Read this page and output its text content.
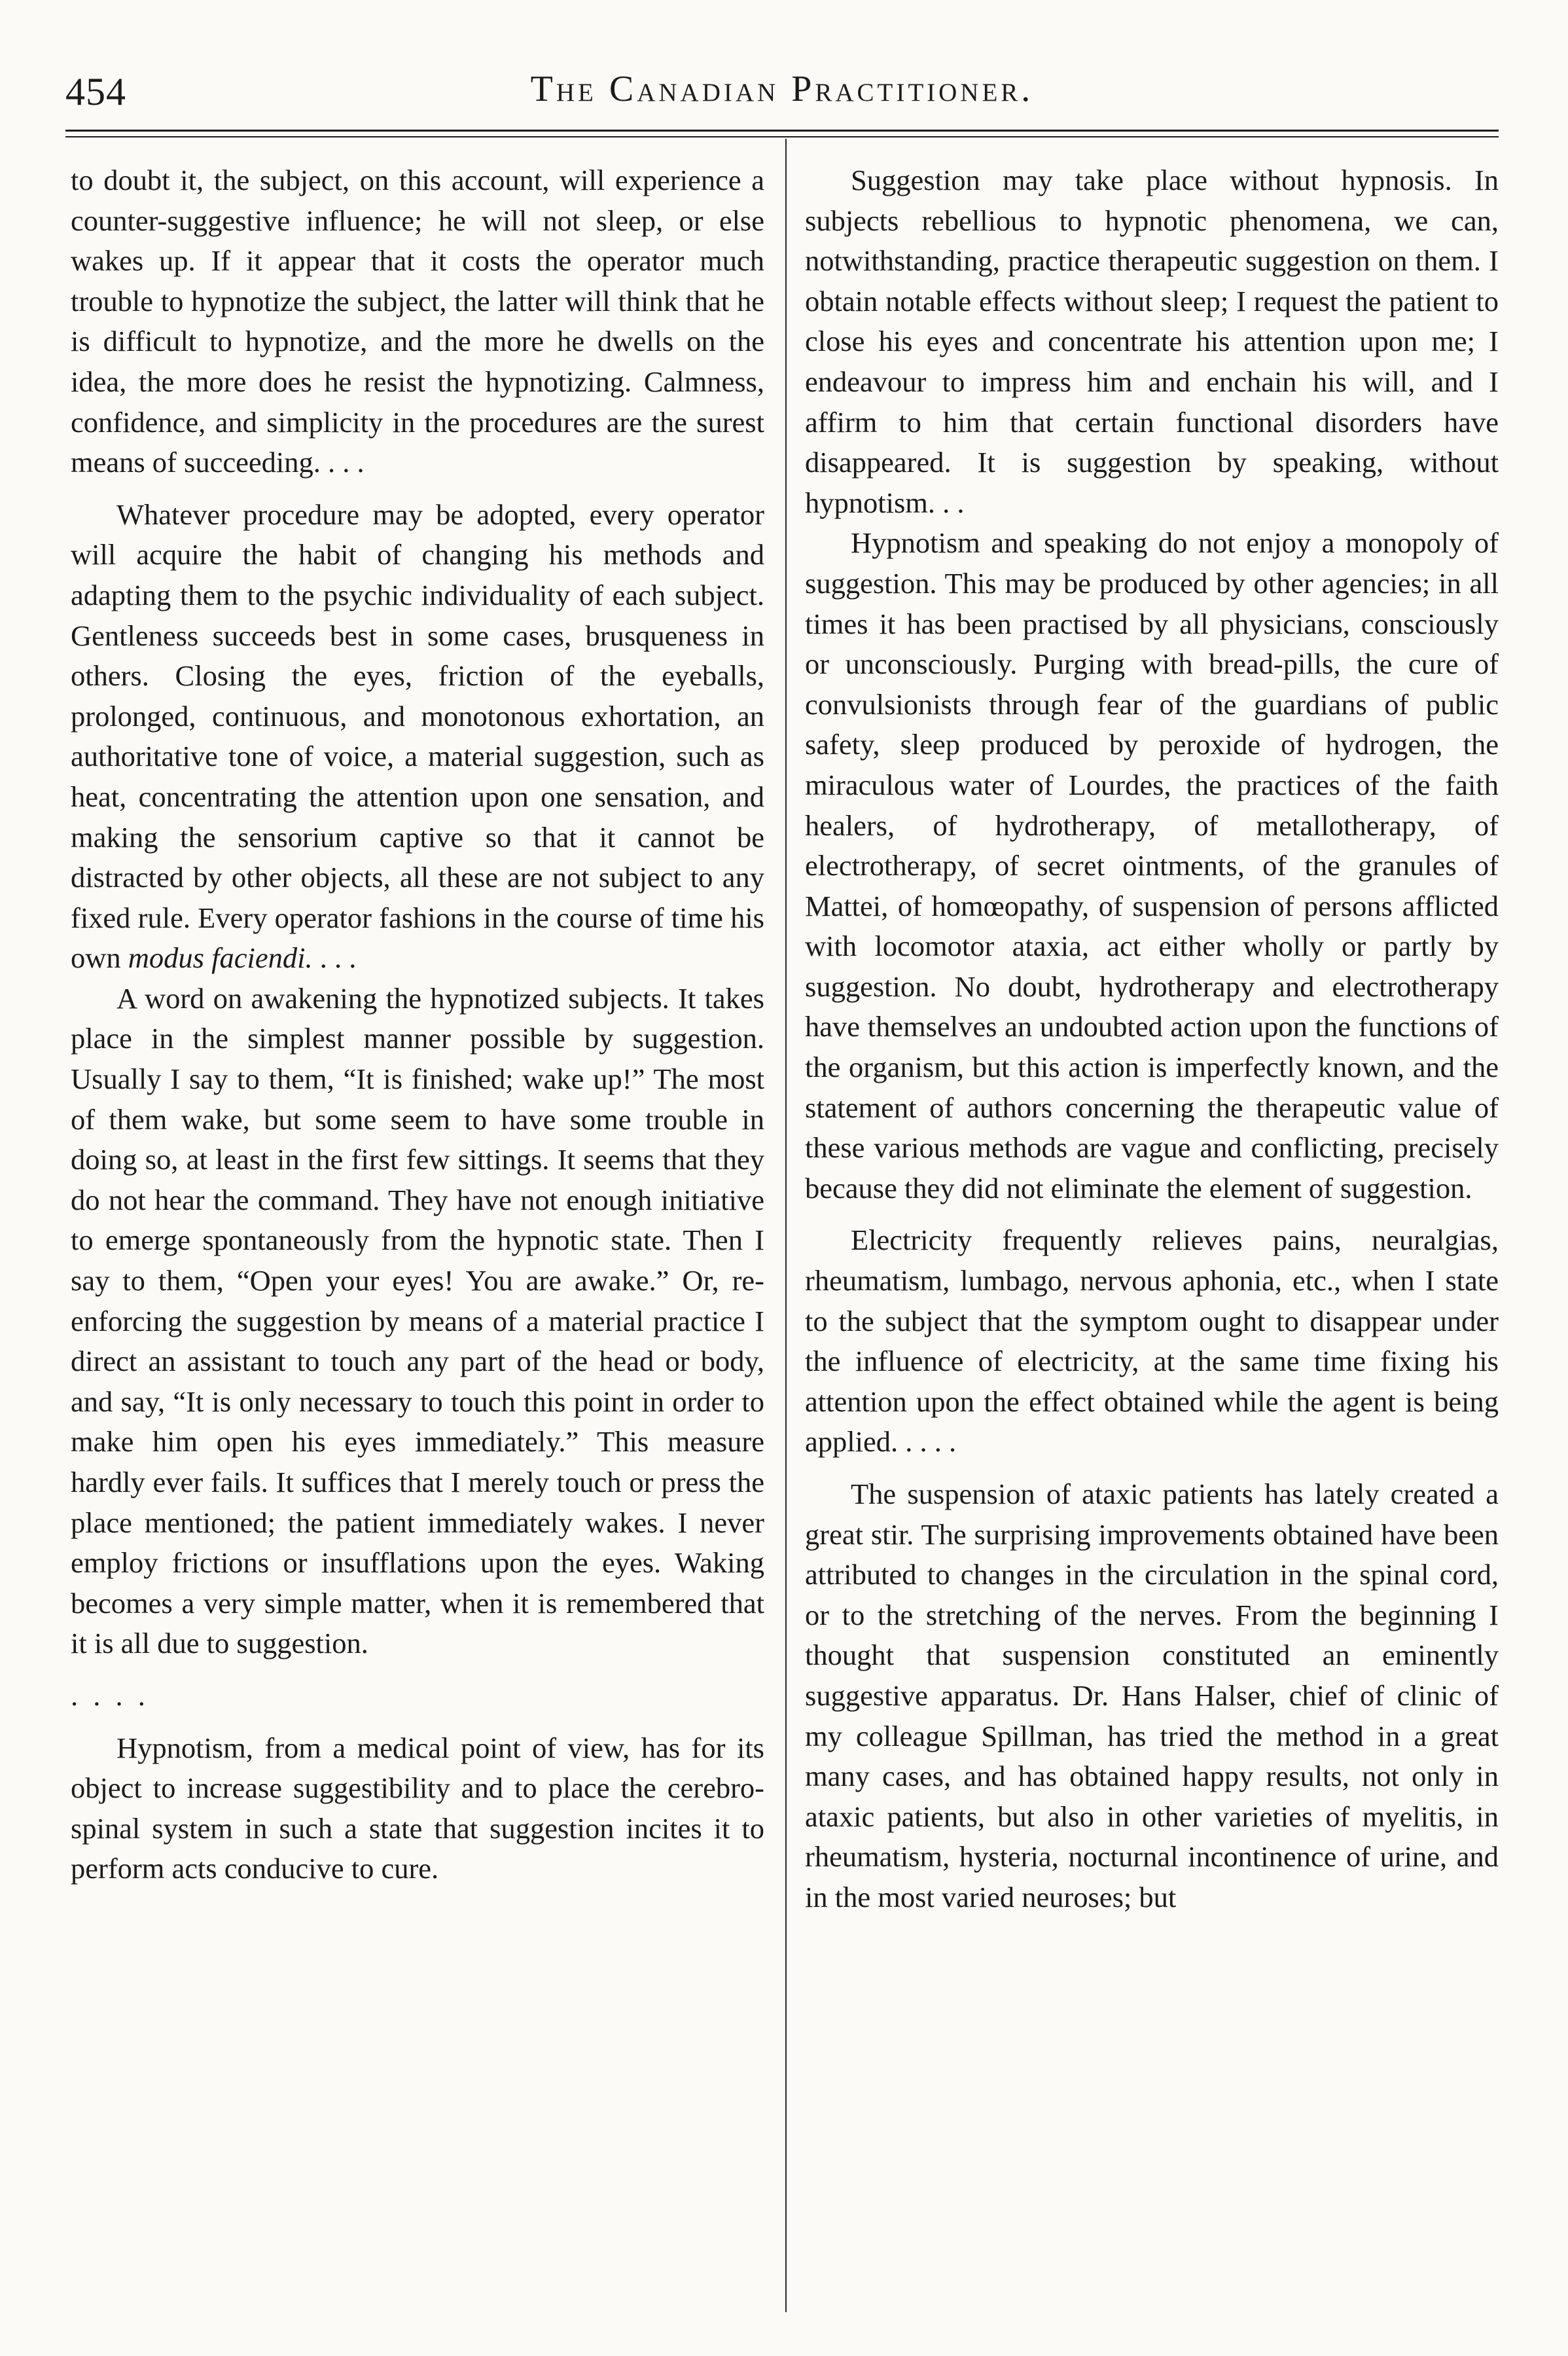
454	The Canadian Practitioner.

to doubt it, the subject, on this account, will experience a counter-suggestive influence; he will not sleep, or else wakes up. If it appear that it costs the operator much trouble to hypnotize the subject, the latter will think that he is difficult to hypnotize, and the more he dwells on the idea, the more does he resist the hypnotizing. Calmness, confidence, and simplicity in the procedures are the surest means of succeeding. . . .

Whatever procedure may be adopted, every operator will acquire the habit of changing his methods and adapting them to the psychic individuality of each subject. Gentleness succeeds best in some cases, brusqueness in others. Closing the eyes, friction of the eyeballs, prolonged, continuous, and monotonous exhortation, an authoritative tone of voice, a material suggestion, such as heat, concentrating the attention upon one sensation, and making the sensorium captive so that it cannot be distracted by other objects, all these are not subject to any fixed rule. Every operator fashions in the course of time his own modus faciendi. . . .

A word on awakening the hypnotized subjects. It takes place in the simplest manner possible by suggestion. Usually I say to them, “It is finished; wake up!” The most of them wake, but some seem to have some trouble in doing so, at least in the first few sittings. It seems that they do not hear the command. They have not enough initiative to emerge spontaneously from the hypnotic state. Then I say to them, “Open your eyes! You are awake.” Or, re-enforcing the suggestion by means of a material practice I direct an assistant to touch any part of the head or body, and say, “It is only necessary to touch this point in order to make him open his eyes immediately.” This measure hardly ever fails. It suffices that I merely touch or press the place mentioned; the patient immediately wakes. I never employ frictions or insufflations upon the eyes. Waking becomes a very simple matter, when it is remembered that it is all due to suggestion.

. . . .

Hypnotism, from a medical point of view, has for its object to increase suggestibility and to place the cerebro-spinal system in such a state that suggestion incites it to perform acts conducive to cure.

Suggestion may take place without hypnosis. In subjects rebellious to hypnotic phenomena, we can, notwithstanding, practice therapeutic suggestion on them. I obtain notable effects without sleep; I request the patient to close his eyes and concentrate his attention upon me; I endeavour to impress him and enchain his will, and I affirm to him that certain functional disorders have disappeared. It is suggestion by speaking, without hypnotism. . .

Hypnotism and speaking do not enjoy a monopoly of suggestion. This may be produced by other agencies; in all times it has been practised by all physicians, consciously or unconsciously. Purging with bread-pills, the cure of convulsionists through fear of the guardians of public safety, sleep produced by peroxide of hydrogen, the miraculous water of Lourdes, the practices of the faith healers, of hydrotherapy, of metallotherapy, of electrotherapy, of secret ointments, of the granules of Mattei, of homœopathy, of suspension of persons afflicted with locomotor ataxia, act either wholly or partly by suggestion. No doubt, hydrotherapy and electrotherapy have themselves an undoubted action upon the functions of the organism, but this action is imperfectly known, and the statement of authors concerning the therapeutic value of these various methods are vague and conflicting, precisely because they did not eliminate the element of suggestion.

Electricity frequently relieves pains, neuralgias, rheumatism, lumbago, nervous aphonia, etc., when I state to the subject that the symptom ought to disappear under the influence of electricity, at the same time fixing his attention upon the effect obtained while the agent is being applied. . . . .

The suspension of ataxic patients has lately created a great stir. The surprising improvements obtained have been attributed to changes in the circulation in the spinal cord, or to the stretching of the nerves. From the beginning I thought that suspension constituted an eminently suggestive apparatus. Dr. Hans Halser, chief of clinic of my colleague Spillman, has tried the method in a great many cases, and has obtained happy results, not only in ataxic patients, but also in other varieties of myelitis, in rheumatism, hysteria, nocturnal incontinence of urine, and in the most varied neuroses; but
